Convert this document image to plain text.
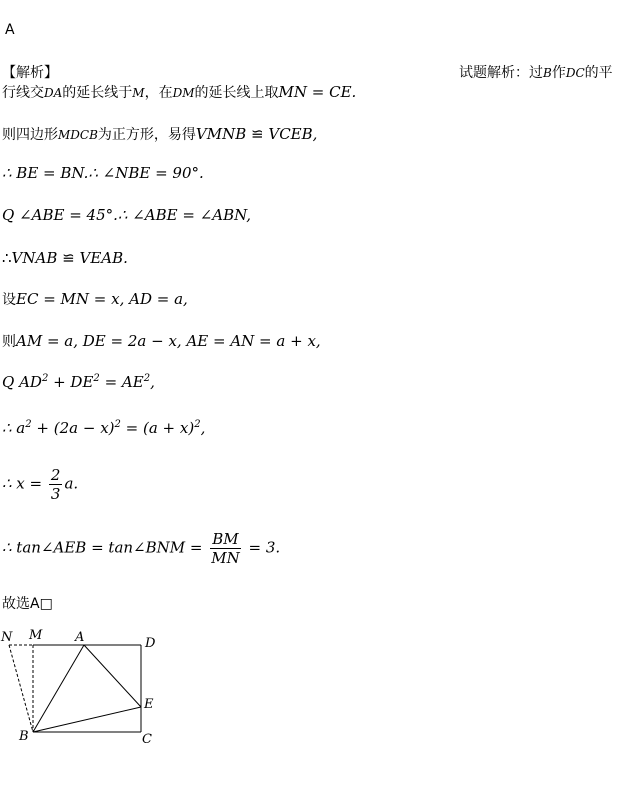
A
【解析】	试题解析：过B作DC的平
行线交DA的延长线于M，在DM的延长线上取MN = CE.
则四边形MDCB为正方形，易得VMNB ≌ VCEB,
∴ BE = BN.∴ ∠NBE = 90°.
Q ∠ABE = 45°.∴ ∠ABE = ∠ABN,
∴VNAB ≌ VEAB.
设EC = MN = x, AD = a,
则AM = a, DE = 2a − x, AE = AN = a + x,
Q $AD^2 + DE^2 = AE^2$,
∴ $a^2 + (2a - x)^2 = (a + x)^2$,
∴ $x = \frac{2}{3} a$.
∴ tan∠AEB = tan∠BNM = $\frac{BM}{MN} = 3$.
故选A□
N M	A	D
E
B	C
